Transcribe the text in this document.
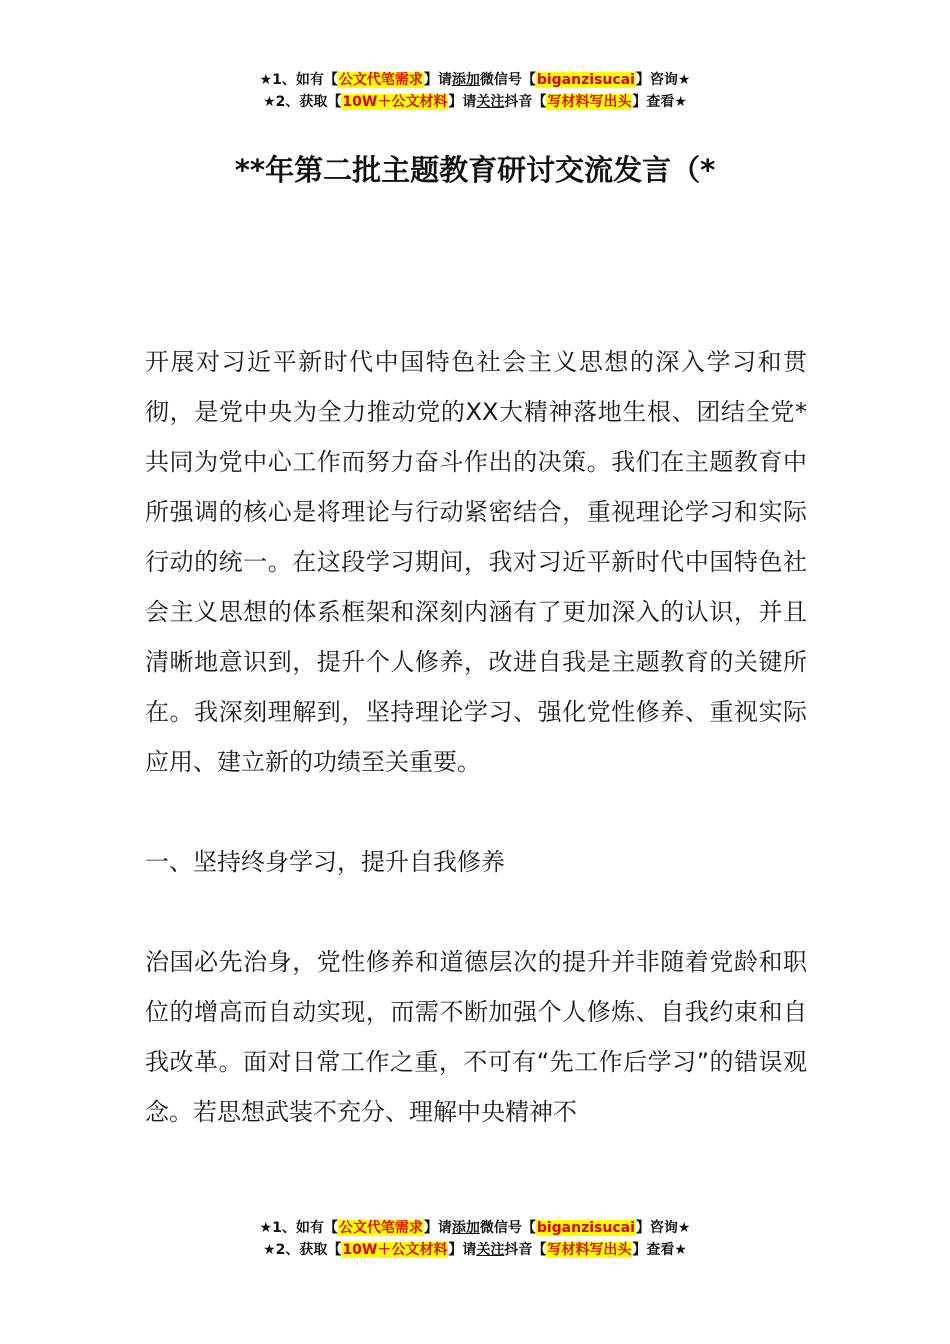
★1、如有【公文代笔需求】请添加微信号【biganzisucai】咨询★
★2、获取【10W＋公文材料】请关注抖音【写材料写出头】查看★
**年第二批主题教育研讨交流发言（*

开展对习近平新时代中国特色社会主义思想的深入学习和贯彻，是党中央为全力推动党的XX大精神落地生根、团结全党*共同为党中心工作而努力奋斗作出的决策。我们在主题教育中所强调的核心是将理论与行动紧密结合，重视理论学习和实际行动的统一。在这段学习期间，我对习近平新时代中国特色社会主义思想的体系框架和深刻内涵有了更加深入的认识，并且清晰地意识到，提升个人修养，改进自我是主题教育的关键所在。我深刻理解到，坚持理论学习、强化党性修养、重视实际应用、建立新的功绩至关重要。

一、坚持终身学习，提升自我修养

治国必先治身，党性修养和道德层次的提升并非随着党龄和职位的增高而自动实现，而需不断加强个人修炼、自我约束和自我改革。面对日常工作之重，不可有“先工作后学习”的错误观念。若思想武装不充分、理解中央精神不

★1、如有【公文代笔需求】请添加微信号【biganzisucai】咨询★
★2、获取【10W＋公文材料】请关注抖音【写材料写出头】查看★
